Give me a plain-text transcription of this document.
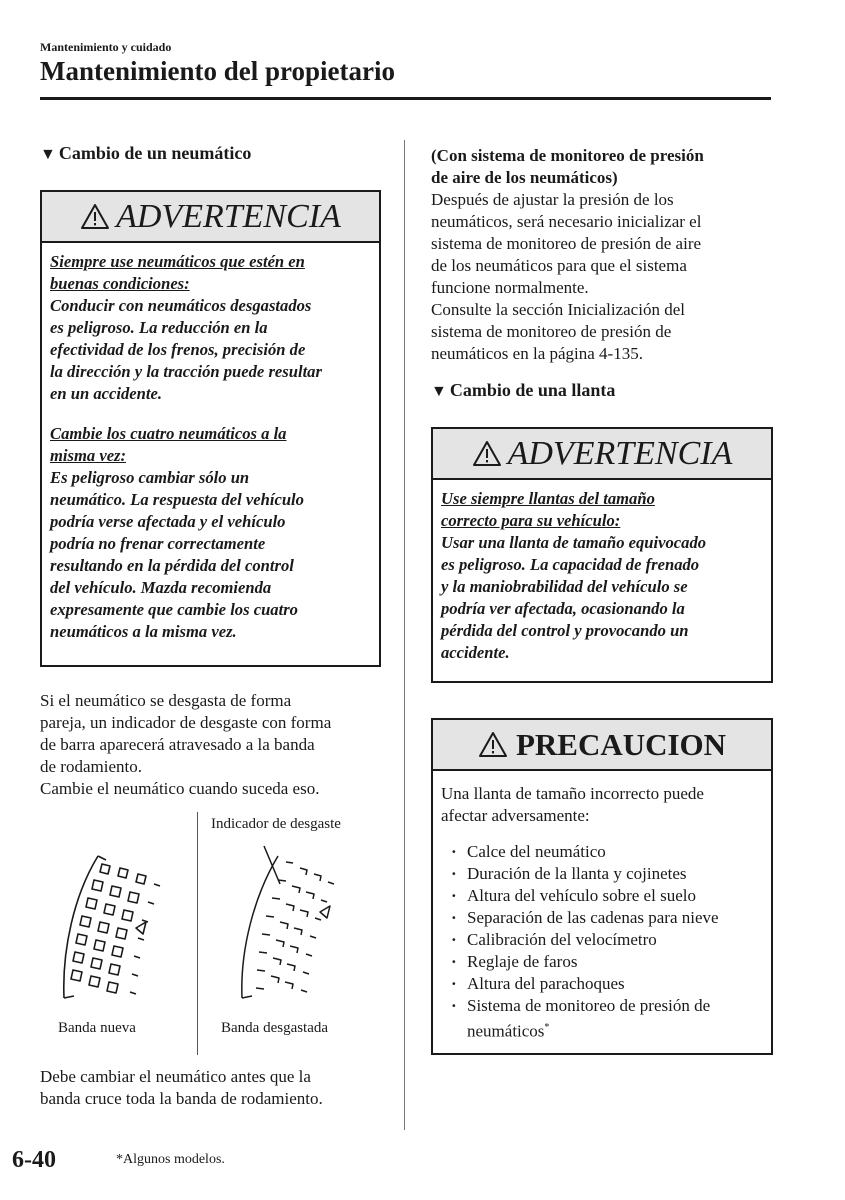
Mantenimiento y cuidado
Mantenimiento del propietario
▼ Cambio de un neumático
ADVERTENCIA
Siempre use neumáticos que estén en
buenas condiciones:
Conducir con neumáticos desgastados
es peligroso. La reducción en la
efectividad de los frenos, precisión de
la dirección y la tracción puede resultar
en un accidente.
Cambie los cuatro neumáticos a la
misma vez:
Es peligroso cambiar sólo un
neumático. La respuesta del vehículo
podría verse afectada y el vehículo
podría no frenar correctamente
resultando en la pérdida del control
del vehículo. Mazda recomienda
expresamente que cambie los cuatro
neumáticos a la misma vez.
Si el neumático se desgasta de forma
pareja, un indicador de desgaste con forma
de barra aparecerá atravesado a la banda
de rodamiento.
Cambie el neumático cuando suceda eso.
Indicador de desgaste
Banda nueva	Banda desgastada
Debe cambiar el neumático antes que la
banda cruce toda la banda de rodamiento.
(Con sistema de monitoreo de presión
de aire de los neumáticos)
Después de ajustar la presión de los
neumáticos, será necesario inicializar el
sistema de monitoreo de presión de aire
de los neumáticos para que el sistema
funcione normalmente.
Consulte la sección Inicialización del
sistema de monitoreo de presión de
neumáticos en la página 4-135.
▼ Cambio de una llanta
ADVERTENCIA
Use siempre llantas del tamaño
correcto para su vehículo:
Usar una llanta de tamaño equivocado
es peligroso. La capacidad de frenado
y la maniobrabilidad del vehículo se
podría ver afectada, ocasionando la
pérdida del control y provocando un
accidente.
PRECAUCION
Una llanta de tamaño incorrecto puede
afectar adversamente:
· Calce del neumático
· Duración de la llanta y cojinetes
· Altura del vehículo sobre el suelo
· Separación de las cadenas para nieve
· Calibración del velocímetro
· Reglaje de faros
· Altura del parachoques
· Sistema de monitoreo de presión de
neumáticos*
6-40	*Algunos modelos.
